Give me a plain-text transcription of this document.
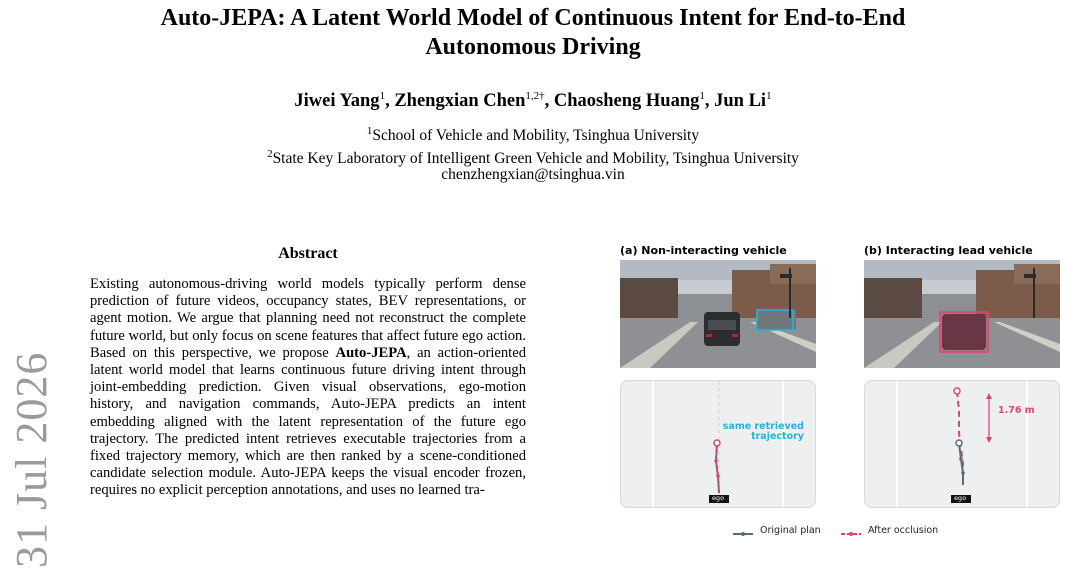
Auto-JEPA: A Latent World Model of Continuous Intent for End-to-End
Autonomous Driving
Jiwei Yang$^1$, Zhengxian Chen$^{1,2\dagger}$, Chaosheng Huang$^1$, Jun Li$^1$
$^1$School of Vehicle and Mobility, Tsinghua University
$^2$State Key Laboratory of Intelligent Green Vehicle and Mobility, Tsinghua University
chenzhengxian@tsinghua.vin
31 Jul 2026
Abstract
Existing autonomous-driving world models typically perform dense prediction of future videos, occupancy states, BEV representations, or agent motion. We argue that planning need not reconstruct the complete future world, but only focus on scene features that affect future ego action. Based on this perspective, we propose Auto-JEPA, an action-oriented latent world model that learns continuous future driving intent through joint-embedding prediction. Given visual observations, ego-motion history, and navigation commands, Auto-JEPA predicts an intent embedding aligned with the latent representation of the future ego trajectory. The predicted intent retrieves executable trajectories from a fixed trajectory memory, which are then ranked by a scene-conditioned candidate selection module. Auto-JEPA keeps the visual encoder frozen, requires no explicit perception annotations, and uses no learned tra-
(a) Non-interacting vehicle	(b) Interacting lead vehicle
same retrieved
trajectory
ego
1.76 m
ego
Original plan	After occlusion
